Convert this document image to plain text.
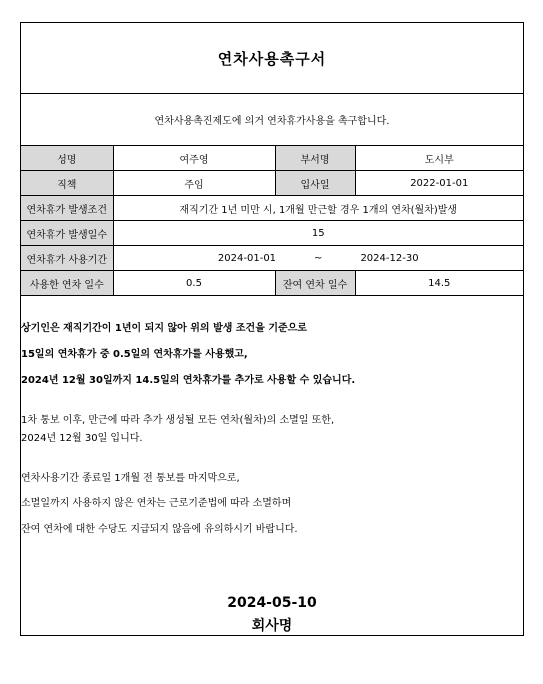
연차사용촉구서
연차사용촉진제도에 의거 연차휴가사용을 촉구합니다.
성명	여주영	부서명	도시부
직책	주임	입사일	2022-01-01
연차휴가 발생조건	재직기간 1년 미만 시, 1개월 만근할 경우 1개의 연차(월차)발생		
연차휴가 발생일수	15		
연차휴가 사용기간	2024-01-01 ~ 2024-12-30		

사용한 연차 일수	0.5	잔여 연차 일수	14.5
상기인은 재직기간이 1년이 되지 않아 위의 발생 조건을 기준으로
15일의 연차휴가 중 0.5일의 연차휴가를 사용했고,
2024년 12월 30일까지 14.5일의 연차휴가를 추가로 사용할 수 있습니다.
1차 통보 이후, 만근에 따라 추가 생성될 모든 연차(월차)의 소멸일 또한,
2024년 12월 30일 입니다.
연차사용기간 종료일 1개월 전 통보를 마지막으로,
소멸일까지 사용하지 않은 연차는 근로기준법에 따라 소멸하며
잔여 연차에 대한 수당도 지급되지 않음에 유의하시기 바랍니다.
2024-05-10
회사명
